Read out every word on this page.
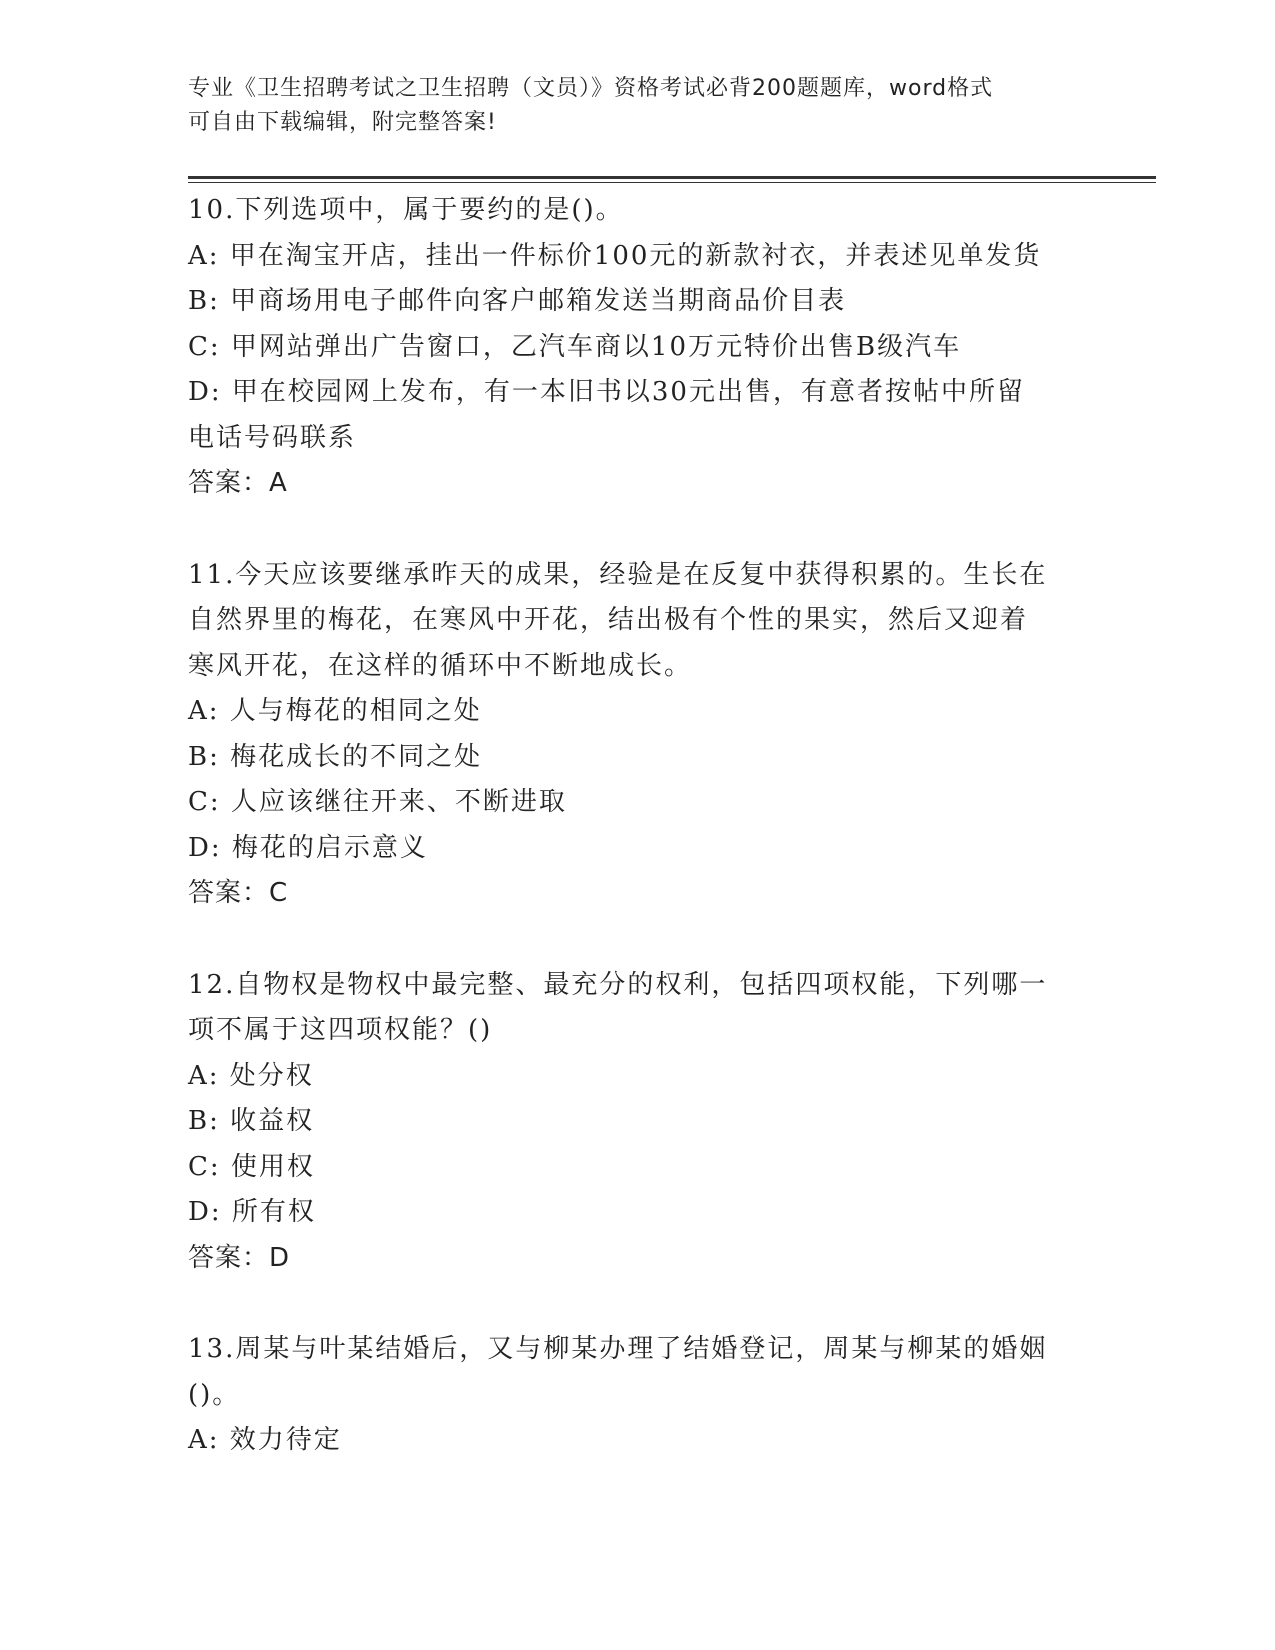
专业《卫生招聘考试之卫生招聘（文员）》资格考试必背200题题库，word格式
可自由下载编辑，附完整答案!
10.下列选项中，属于要约的是()。
A: 甲在淘宝开店，挂出一件标价100元的新款衬衣，并表述见单发货
B: 甲商场用电子邮件向客户邮箱发送当期商品价目表
C: 甲网站弹出广告窗口，乙汽车商以10万元特价出售B级汽车
D: 甲在校园网上发布，有一本旧书以30元出售，有意者按帖中所留
电话号码联系
答案：A
11.今天应该要继承昨天的成果，经验是在反复中获得积累的。生长在
自然界里的梅花，在寒风中开花，结出极有个性的果实，然后又迎着
寒风开花，在这样的循环中不断地成长。
A: 人与梅花的相同之处
B: 梅花成长的不同之处
C: 人应该继往开来、不断进取
D: 梅花的启示意义
答案：C
12.自物权是物权中最完整、最充分的权利，包括四项权能，下列哪一
项不属于这四项权能？()
A: 处分权
B: 收益权
C: 使用权
D: 所有权
答案：D
13.周某与叶某结婚后，又与柳某办理了结婚登记，周某与柳某的婚姻
()。
A: 效力待定
